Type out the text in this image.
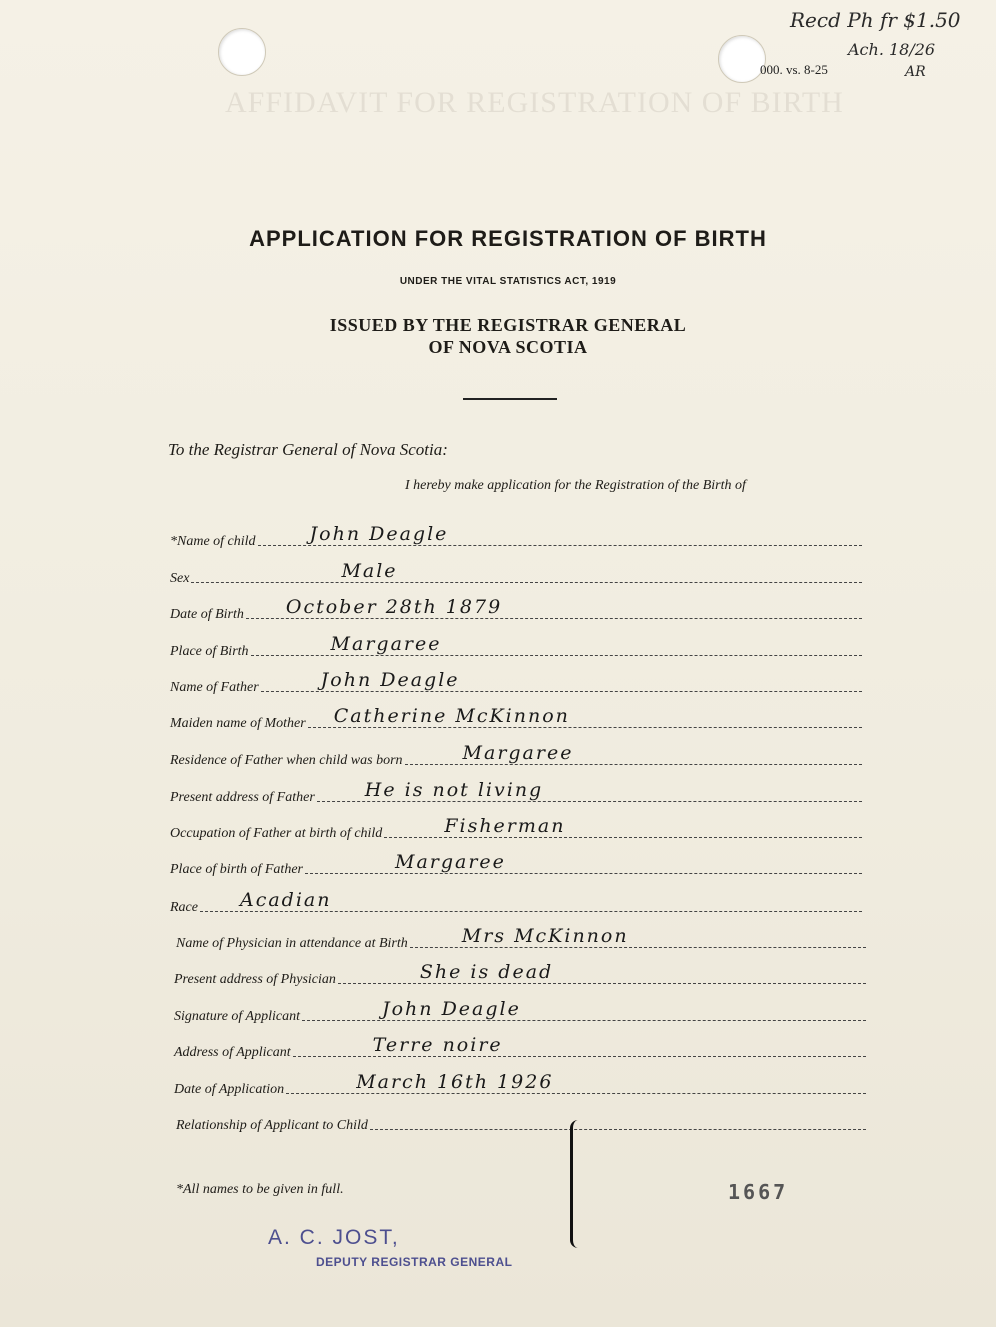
AFFIDAVIT FOR REGISTRATION OF BIRTH
000. vs. 8-25
Recd Ph fr $1.50
Ach. 18/26
AR
APPLICATION FOR REGISTRATION OF BIRTH
UNDER THE VITAL STATISTICS ACT, 1919
ISSUED BY THE REGISTRAR GENERAL
OF NOVA SCOTIA
To the Registrar General of Nova Scotia:
I hereby make application for the Registration of the Birth of
*Name of child	John Deagle
Sex	Male
Date of Birth October 28th 1879
Place of Birth	Margaree
Name of Father	John Deagle
Maiden name of Mother Catherine McKinnon
Residence of Father when child was born	Margaree
Present address of Father	He is not living
Occupation of Father at birth of child	Fisherman
Place of birth of Father	Margaree
Race Acadian
Name of Physician in attendance at Birth	Mrs McKinnon
Present address of Physician	She is dead
Signature of Applicant	John Deagle
Address of Applicant	Terre noire
Date of Application	March 16th 1926
Relationship of Applicant to Child
*All names to be given in full.	1667
A. C. JOST,
DEPUTY REGISTRAR GENERAL
